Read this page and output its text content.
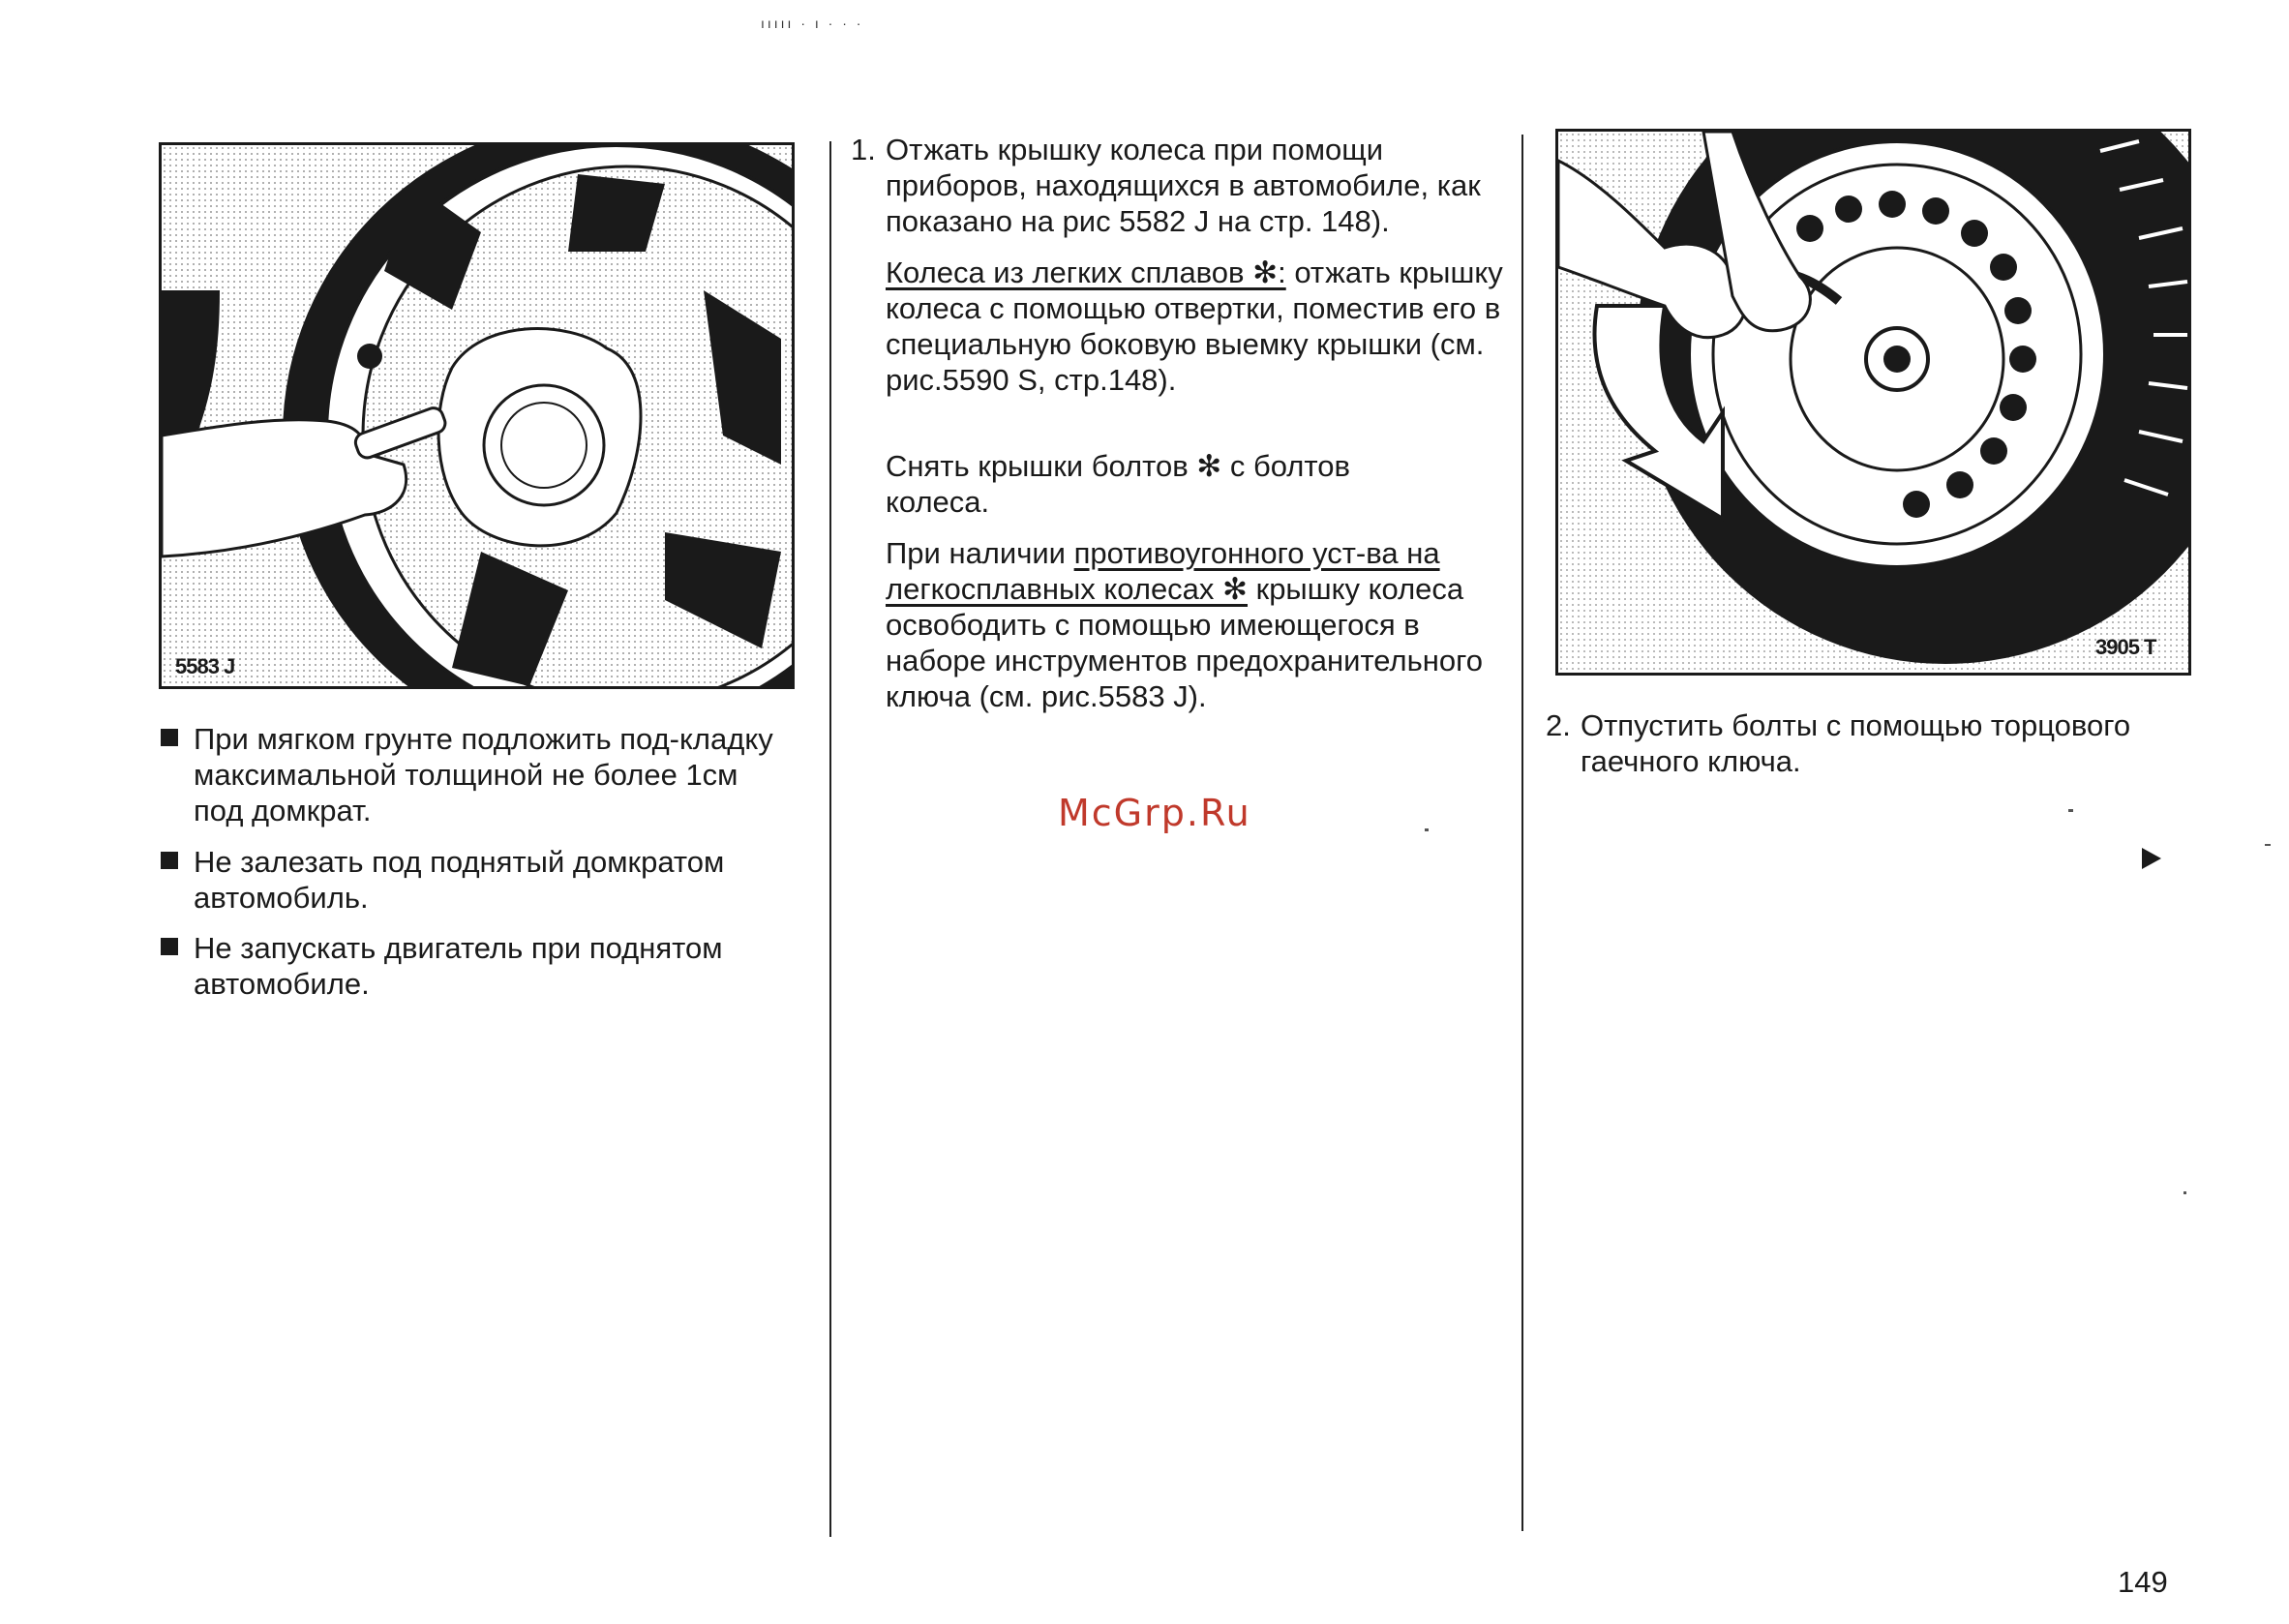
ııııı · ı · · ·
5583 J
3905 T

При мягком грунте подложить под-кладку максимальной толщиной не более 1см под домкрат.

Не залезать под поднятый домкратом автомобиль.

Не запускать двигатель при поднятом автомобиле.

1. Отжать крышку колеса при помощи приборов, находящихся в автомобиле, как показано на рис 5582 J на стр. 148).

Колеса из легких сплавов ✻: отжать крышку колеса с помощью отвертки, поместив его в специальную боковую выемку крышки (см. рис.5590 S, стр.148).

Снять крышки болтов ✻ с болтов колеса.

При наличии противоугонного уст-ва на легкосплавных колесах ✻ крышку колеса освободить с помощью имеющегося в наборе инструментов предохранительного ключа (см. рис.5583 J).

McGrp.Ru
2. Отпустить болты с помощью торцового гаечного ключа.

149
